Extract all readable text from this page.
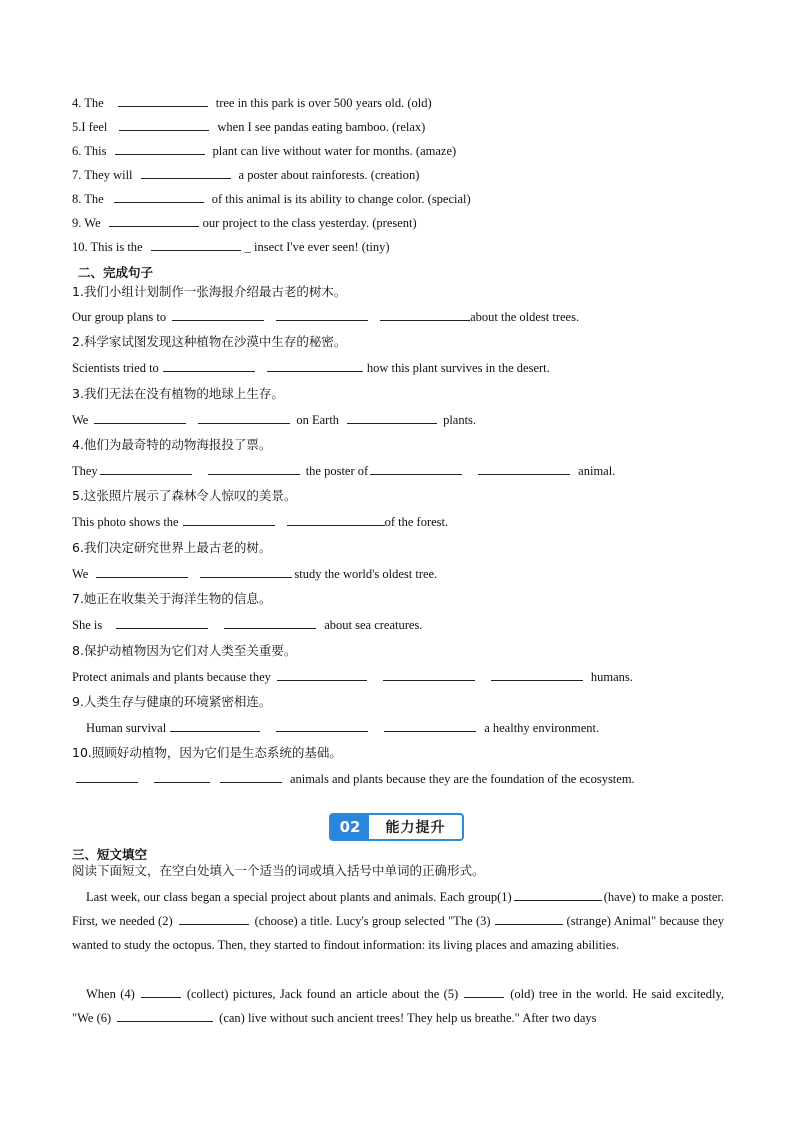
4. The	tree in this park is over 500 years old. (old)
5.I feel	when I see pandas eating bamboo. (relax)
6. This	plant can live without water for months. (amaze)
7. They will	a poster about rainforests. (creation)
8. The	of this animal is its ability to change color. (special)
9. We	our project to the class yesterday. (present)
10. This is the	_ insect I've ever seen! (tiny)
二、完成句子
1.我们小组计划制作一张海报介绍最古老的树木。
Our group plans to	about the oldest trees.
2.科学家试图发现这种植物在沙漠中生存的秘密。
Scientists tried to	how this plant survives in the desert.
3.我们无法在没有植物的地球上生存。
We	on Earth	plants.
4.他们为最奇特的动物海报投了票。
They	the poster of	animal.
5.这张照片展示了森林令人惊叹的美景。
This photo shows the	of the forest.
6.我们决定研究世界上最古老的树。
We	study the world's oldest tree.
7.她正在收集关于海洋生物的信息。
She is	about sea creatures.
8.保护动植物因为它们对人类至关重要。
Protect animals and plants because they	humans.
9.人类生存与健康的环境紧密相连。
Human survival	a healthy environment.
10.照顾好动植物，因为它们是生态系统的基础。
animals and plants because they are the foundation of the ecosystem.
02	能力提升
三、短文填空
阅读下面短文，在空白处填入一个适当的词或填入括号中单词的正确形式。
Last week, our class began a special project about plants and animals. Each group(1)	(have) to make a poster. First, we needed (2)	(choose) a title. Lucy's group selected "The (3)	(strange) Animal" because they wanted to study the octopus. Then, they started to findout information: its living places and amazing abilities.
When (4)	(collect) pictures, Jack found an article about the (5)	(old) tree in the world. He said excitedly, "We (6)	(can) live without such ancient trees! They help us breathe." After two days
